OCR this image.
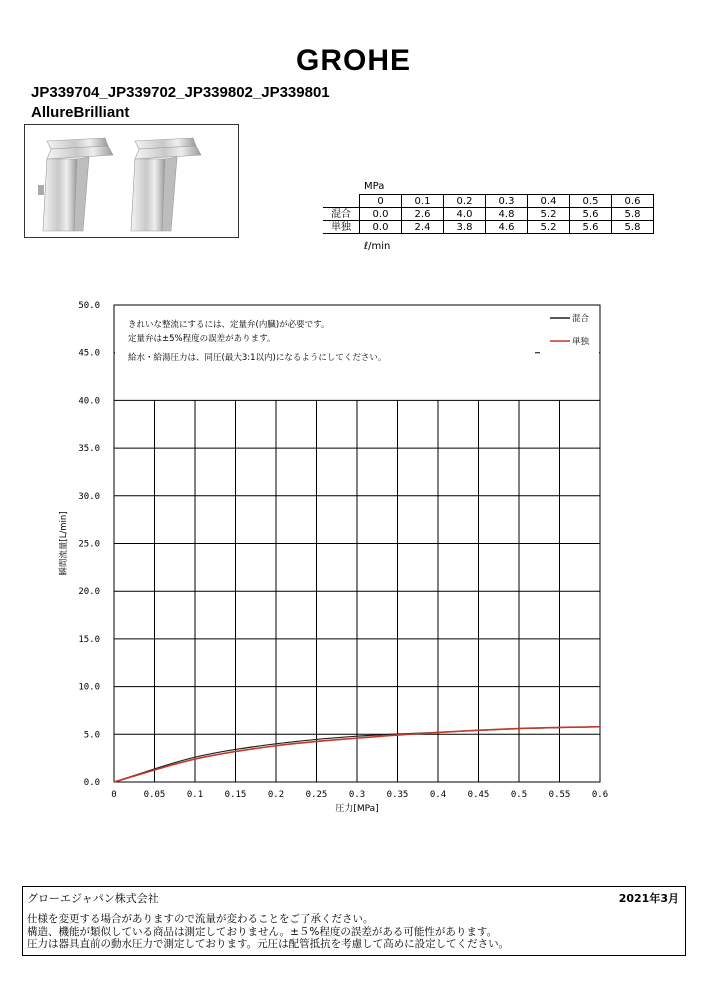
GROHE
JP339704_JP339702_JP339802_JP339801
AllureBrilliant
MPa
	0	0.1	0.2	0.3	0.4	0.5	0.6
混合	0.0	2.6	4.0	4.8	5.2	5.6	5.8
単独	0.0	2.4	3.8	4.6	5.2	5.6	5.8
ℓ/min
0	0.05 0.1 0.15 0.2 0.25 0.3 0.35 0.4 0.45 0.5 0.55 0.6
0.0
5.0
10.0
15.0
20.0
25.0
30.0
35.0
40.0
45.0
50.0
きれいな整流にするには、定量弁(内臓)が必要です。
定量弁は±5%程度の誤差があります。
給水・給湯圧力は、同圧(最大3:1以内)になるようにしてください。
圧力[MPa]
瞬間流量[L/min]
混合
単独
グローエジャパン株式会社	2021年3月
仕様を変更する場合がありますので流量が変わることをご了承ください。
構造、機能が類似している商品は測定しておりません。±５%程度の誤差がある可能性があります。
圧力は器具直前の動水圧力で測定しております。元圧は配管抵抗を考慮して高めに設定してください。
